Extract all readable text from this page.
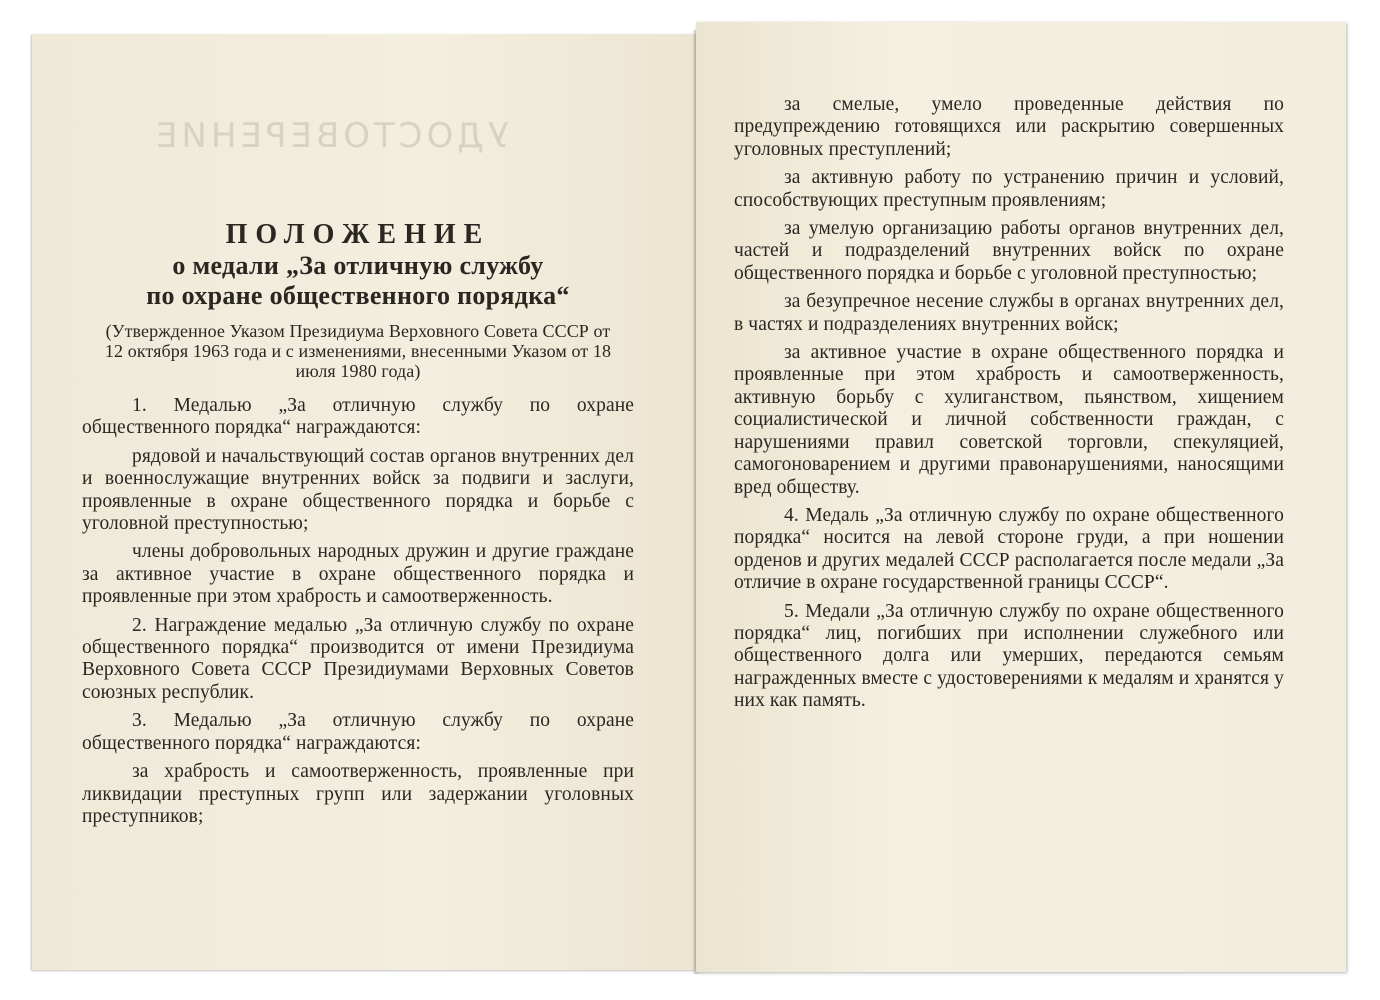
УДОСТОВЕРЕНИЕ
ПОЛОЖЕНИЕ
о медали „За отличную службу
по охране общественного порядка“
(Утвержденное Указом Президиума Верховного Совета СССР от 12 октября 1963 года и с изменениями, внесенными Указом от 18 июля 1980 года)

1. Медалью „За отличную службу по охране общественного порядка“ награждаются:

рядовой и начальствующий состав органов внутренних дел и военнослужащие внутренних войск за подвиги и заслуги, проявленные в охране общественного порядка и борьбе с уголовной преступностью;

члены добровольных народных дружин и другие граждане за активное участие в охране общественного порядка и проявленные при этом храбрость и самоотверженность.

2. Награждение медалью „За отличную службу по охране общественного порядка“ производится от имени Президиума Верховного Совета СССР Президиумами Верховных Советов союзных республик.

3. Медалью „За отличную службу по охране общественного порядка“ награждаются:

за храбрость и самоотверженность, проявленные при ликвидации преступных групп или задержании уголовных преступников;

за смелые, умело проведенные действия по предупреждению готовящихся или раскрытию совершенных уголовных преступлений;

за активную работу по устранению причин и условий, способствующих преступным проявлениям;

за умелую организацию работы органов внутренних дел, частей и подразделений внутренних войск по охране общественного порядка и борьбе с уголовной преступностью;

за безупречное несение службы в органах внутренних дел, в частях и подразделениях внутренних войск;

за активное участие в охране общественного порядка и проявленные при этом храбрость и самоотверженность, активную борьбу с хулиганством, пьянством, хищением социалистической и личной собственности граждан, с нарушениями правил советской торговли, спекуляцией, самогоноварением и другими правонарушениями, наносящими вред обществу.

4. Медаль „За отличную службу по охране общественного порядка“ носится на левой стороне груди, а при ношении орденов и других медалей СССР располагается после медали „За отличие в охране государственной границы СССР“.

5. Медали „За отличную службу по охране общественного порядка“ лиц, погибших при исполнении служебного или общественного долга или умерших, передаются семьям награжденных вместе с удостоверениями к медалям и хранятся у них как память.
